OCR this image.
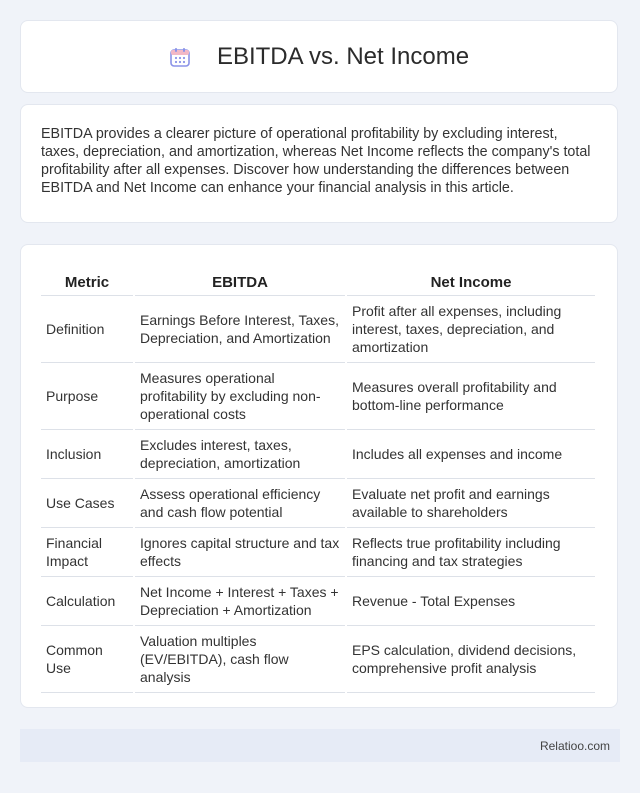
EBITDA vs. Net Income

EBITDA provides a clearer picture of operational profitability by excluding interest, taxes, depreciation, and amortization, whereas Net Income reflects the company's total profitability after all expenses. Discover how understanding the differences between EBITDA and Net Income can enhance your financial analysis in this article.

Metric	EBITDA	Net Income
Definition	Earnings Before Interest, Taxes, Depreciation, and Amortization	Profit after all expenses, including interest, taxes, depreciation, and amortization
Purpose	Measures operational profitability by excluding non-operational costs	Measures overall profitability and bottom-line performance
Inclusion	Excludes interest, taxes, depreciation, amortization	Includes all expenses and income
Use Cases	Assess operational efficiency and cash flow potential	Evaluate net profit and earnings available to shareholders
Financial Impact	Ignores capital structure and tax effects	Reflects true profitability including financing and tax strategies
Calculation	Net Income + Interest + Taxes + Depreciation + Amortization	Revenue - Total Expenses
Common Use	Valuation multiples (EV/EBITDA), cash flow analysis	EPS calculation, dividend decisions, comprehensive profit analysis
Relatioo.com
